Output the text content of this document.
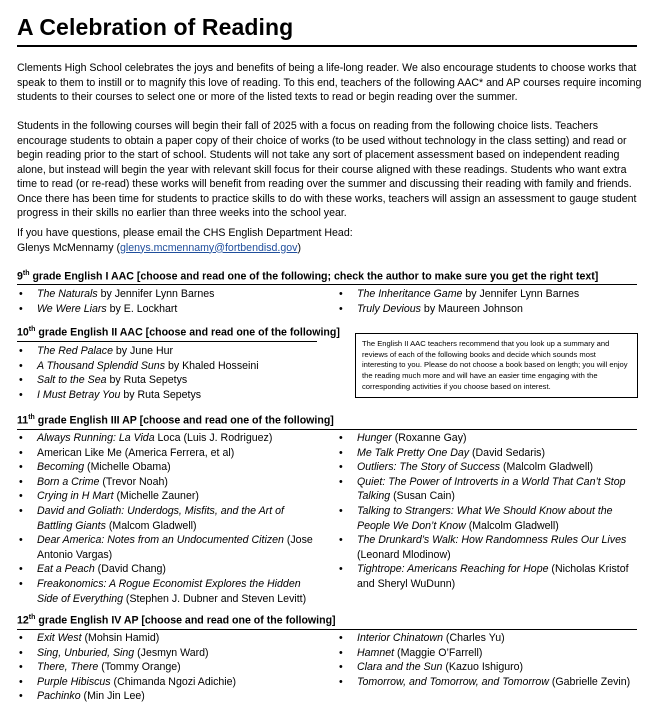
A Celebration of Reading

Clements High School celebrates the joys and benefits of being a life-long reader. We also encourage students to choose works that speak to them to instill or to magnify this love of reading. To this end, teachers of the following AAC* and AP courses require incoming students to their courses to select one or more of the listed texts to read or begin reading over the summer.

Students in the following courses will begin their fall of 2025 with a focus on reading from the following choice lists. Teachers encourage students to obtain a paper copy of their choice of works (to be used without technology in the class setting) and read or begin reading prior to the start of school. Students will not take any sort of placement assessment based on independent reading alone, but instead will begin the year with relevant skill focus for their course aligned with these readings. Students who want extra time to read (or re-read) these works will benefit from reading over the summer and discussing their reading with family and friends. Once there has been time for students to practice skills to do with these works, teachers will assign an assessment to gauge student progress in their skills no earlier than three weeks into the school year.

If you have questions, please email the CHS English Department Head:
Glenys McMennamy (glenys.mcmennamy@fortbendisd.gov)

9th grade English I AAC [choose and read one of the following; check the author to make sure you get the right text]
• The Naturals by Jennifer Lynn Barnes
• We Were Liars by E. Lockhart
• The Inheritance Game by Jennifer Lynn Barnes
• Truly Devious by Maureen Johnson
10th grade English II AAC [choose and read one of the following]
• The Red Palace by June Hur
• A Thousand Splendid Suns by Khaled Hosseini
• Salt to the Sea by Ruta Sepetys
• I Must Betray You by Ruta Sepetys
The English II AAC teachers recommend that you look up a summary and reviews of each of the following books and decide which sounds most interesting to you. Please do not choose a book based on length; you will enjoy the reading much more and will have an easier time engaging with the corresponding activities if you choose based on interest.
11th grade English III AP [choose and read one of the following]
• Always Running: La Vida Loca (Luis J. Rodriguez)
• American Like Me (America Ferrera, et al)
• Becoming (Michelle Obama)
• Born a Crime (Trevor Noah)
• Crying in H Mart (Michelle Zauner)
• David and Goliath: Underdogs, Misfits, and the Art of Battling Giants (Malcom Gladwell)
• Dear America: Notes from an Undocumented Citizen (Jose Antonio Vargas)
• Eat a Peach (David Chang)
• Freakonomics: A Rogue Economist Explores the Hidden Side of Everything (Stephen J. Dubner and Steven Levitt)
• Hunger (Roxanne Gay)
• Me Talk Pretty One Day (David Sedaris)
• Outliers: The Story of Success (Malcolm Gladwell)
• Quiet: The Power of Introverts in a World That Can’t Stop Talking (Susan Cain)
• Talking to Strangers: What We Should Know about the People We Don’t Know (Malcolm Gladwell)
• The Drunkard’s Walk: How Randomness Rules Our Lives (Leonard Mlodinow)
• Tightrope: Americans Reaching for Hope (Nicholas Kristof and Sheryl WuDunn)
12th grade English IV AP [choose and read one of the following]
• Exit West (Mohsin Hamid)
• Sing, Unburied, Sing (Jesmyn Ward)
• There, There (Tommy Orange)
• Purple Hibiscus (Chimanda Ngozi Adichie)
• Pachinko (Min Jin Lee)
• Interior Chinatown (Charles Yu)
• Hamnet (Maggie O’Farrell)
• Clara and the Sun (Kazuo Ishiguro)
• Tomorrow, and Tomorrow, and Tomorrow (Gabrielle Zevin)
